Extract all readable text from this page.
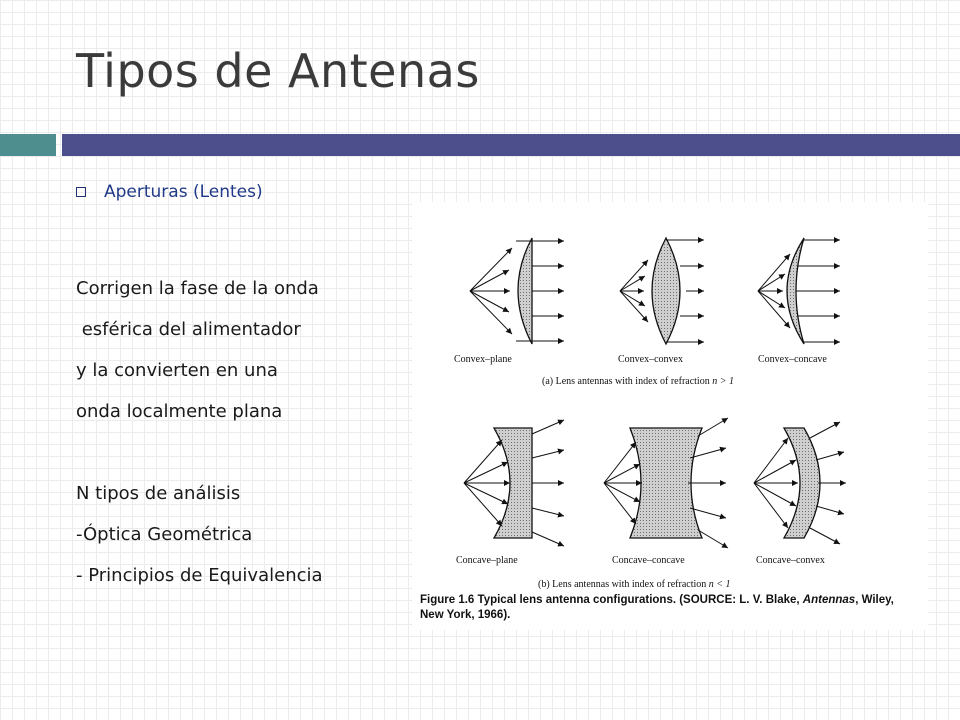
Tipos de Antenas
Aperturas (Lentes)
Corrigen la fase de la onda
esférica del alimentador
y la convierten en una
onda localmente plana
N tipos de análisis
-Óptica Geométrica
- Principios de Equivalencia
Convex–plane	Convex–convex	Convex–concave
(a) Lens antennas with index of refraction n > 1
Concave–plane	Concave–concave	Concave–convex
(b) Lens antennas with index of refraction n < 1
Figure 1.6 Typical lens antenna configurations. (SOURCE: L. V. Blake, Antennas, Wiley,
New York, 1966).
